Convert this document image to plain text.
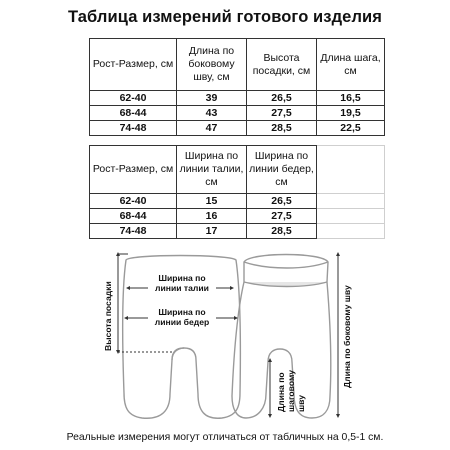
Таблица измерений готового изделия
Рост-Размер, см	Длина по боковому шву, см	Высота посадки, см	Длина шага, см
62-40	39	26,5	16,5
68-44	43	27,5	19,5
74-48	47	28,5	22,5
Рост-Размер, см	Ширина по линии талии, см	Ширина по линии бедер, см	
62-40	15	26,5	
68-44	16	27,5	
74-48	17	28,5	
Ширина по линии талии
Ширина по линии бедер
Высота посадки	Длина по боковому шву
Длина по шаговому шву
Реальные измерения могут отличаться от табличных на 0,5-1 см.
